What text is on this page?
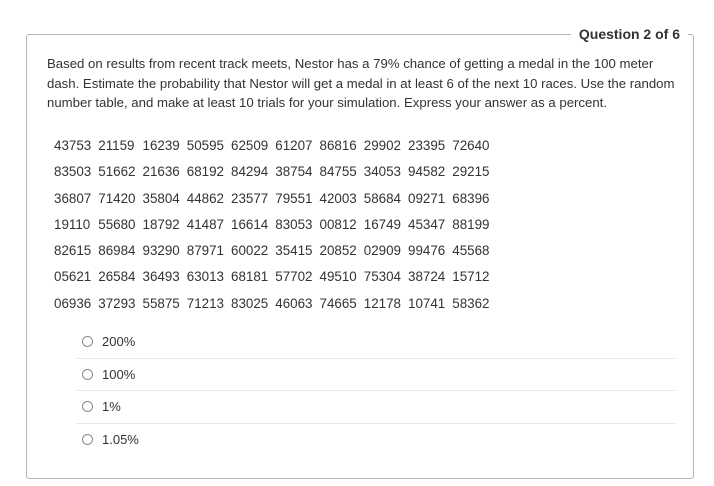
Question 2 of 6
Based on results from recent track meets, Nestor has a 79% chance of getting a medal in the 100 meter dash. Estimate the probability that Nestor will get a medal in at least 6 of the next 10 races. Use the random number table, and make at least 10 trials for your simulation. Express your answer as a percent.
43753	21159	16239	50595	62509	61207	86816	29902	23395	72640
83503	51662	21636	68192	84294	38754	84755	34053	94582	29215
36807	71420	35804	44862	23577	79551	42003	58684	09271	68396
19110	55680	18792	41487	16614	83053	00812	16749	45347	88199
82615	86984	93290	87971	60022	35415	20852	02909	99476	45568
05621	26584	36493	63013	68181	57702	49510	75304	38724	15712
06936	37293	55875	71213	83025	46063	74665	12178	10741	58362
200%
100%
1%
1.05%
